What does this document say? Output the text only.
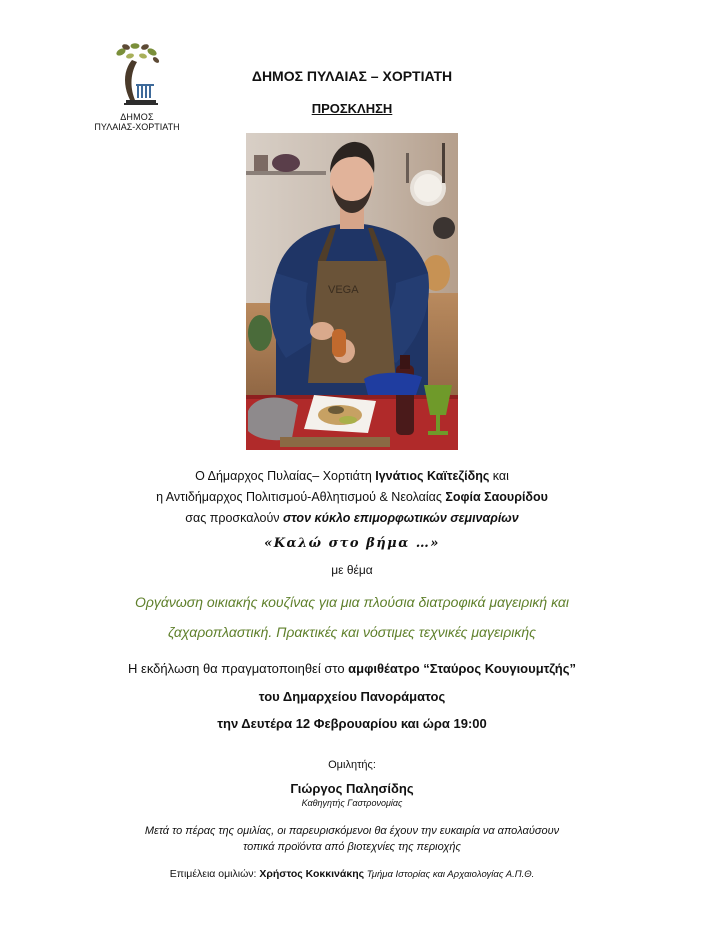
ΔΗΜΟΣ
ΠΥΛΑΙΑΣ-ΧΟΡΤΙΑΤΗ
ΔΗΜΟΣ ΠΥΛΑΙΑΣ – ΧΟΡΤΙΑΤΗ
ΠΡΟΣΚΛΗΣΗ
VEGA
Ο Δήμαρχος Πυλαίας– Χορτιάτη Ιγνάτιος Καϊτεζίδης και
η Αντιδήμαρχος Πολιτισμού-Αθλητισμού & Νεολαίας Σοφία Σαουρίδου
σας προσκαλούν στον κύκλο επιμορφωτικών σεμιναρίων
«Καλώ στο βήμα …»
με θέμα
Οργάνωση οικιακής κουζίνας για μια πλούσια διατροφικά μαγειρική και
ζαχαροπλαστική. Πρακτικές και νόστιμες τεχνικές μαγειρικής
Η εκδήλωση θα πραγματοποιηθεί στο αμφιθέατρο “Σταύρος Κουγιουμτζής”
του Δημαρχείου Πανοράματος
την Δευτέρα 12 Φεβρουαρίου και ώρα 19:00
Ομιλητής:
Γιώργος Παλησίδης
Καθηγητής Γαστρονομίας
Μετά το πέρας της ομιλίας, οι παρευρισκόμενοι θα έχουν την ευκαιρία να απολαύσουν
τοπικά προϊόντα από βιοτεχνίες της περιοχής
Επιμέλεια ομιλιών: Χρήστος Κοκκινάκης Τμήμα Ιστορίας και Αρχαιολογίας Α.Π.Θ.
